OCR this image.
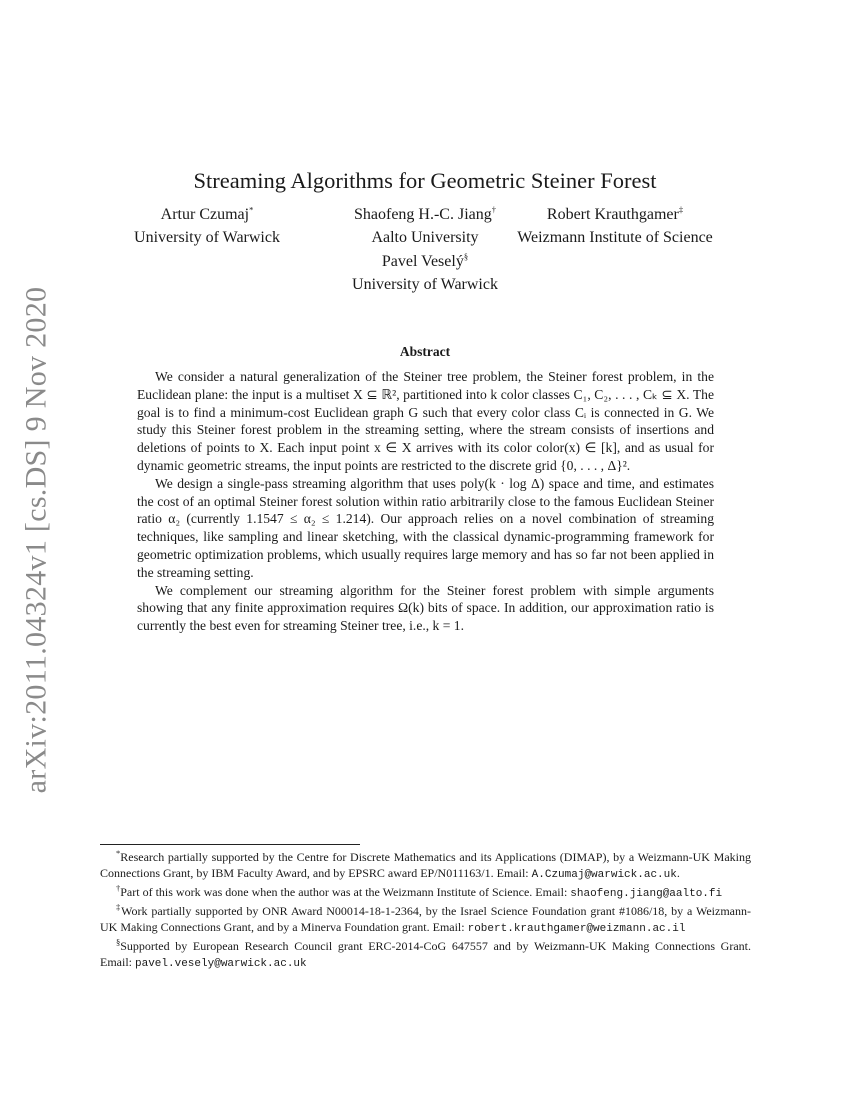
arXiv:2011.04324v1 [cs.DS] 9 Nov 2020
Streaming Algorithms for Geometric Steiner Forest
Artur Czumaj*
University of Warwick
Shaofeng H.-C. Jiang†
Aalto University
Robert Krauthgamer‡
Weizmann Institute of Science
Pavel Veselý§
University of Warwick
Abstract

We consider a natural generalization of the Steiner tree problem, the Steiner forest problem, in the Euclidean plane: the input is a multiset X ⊆ ℝ², partitioned into k color classes C₁, C₂, . . . , Cₖ ⊆ X. The goal is to find a minimum-cost Euclidean graph G such that every color class Cᵢ is connected in G. We study this Steiner forest problem in the streaming setting, where the stream consists of insertions and deletions of points to X. Each input point x ∈ X arrives with its color color(x) ∈ [k], and as usual for dynamic geometric streams, the input points are restricted to the discrete grid {0, . . . , Δ}².

We design a single-pass streaming algorithm that uses poly(k · log Δ) space and time, and estimates the cost of an optimal Steiner forest solution within ratio arbitrarily close to the famous Euclidean Steiner ratio α₂ (currently 1.1547 ≤ α₂ ≤ 1.214). Our approach relies on a novel combination of streaming techniques, like sampling and linear sketching, with the classical dynamic-programming framework for geometric optimization problems, which usually requires large memory and has so far not been applied in the streaming setting.

We complement our streaming algorithm for the Steiner forest problem with simple arguments showing that any finite approximation requires Ω(k) bits of space. In addition, our approximation ratio is currently the best even for streaming Steiner tree, i.e., k = 1.

*Research partially supported by the Centre for Discrete Mathematics and its Applications (DIMAP), by a Weizmann-UK Making Connections Grant, by IBM Faculty Award, and by EPSRC award EP/N011163/1. Email: A.Czumaj@warwick.ac.uk.

†Part of this work was done when the author was at the Weizmann Institute of Science. Email: shaofeng.jiang@aalto.fi

‡Work partially supported by ONR Award N00014-18-1-2364, by the Israel Science Foundation grant #1086/18, by a Weizmann-UK Making Connections Grant, and by a Minerva Foundation grant. Email: robert.krauthgamer@weizmann.ac.il

§Supported by European Research Council grant ERC-2014-CoG 647557 and by Weizmann-UK Making Connections Grant. Email: pavel.vesely@warwick.ac.uk
